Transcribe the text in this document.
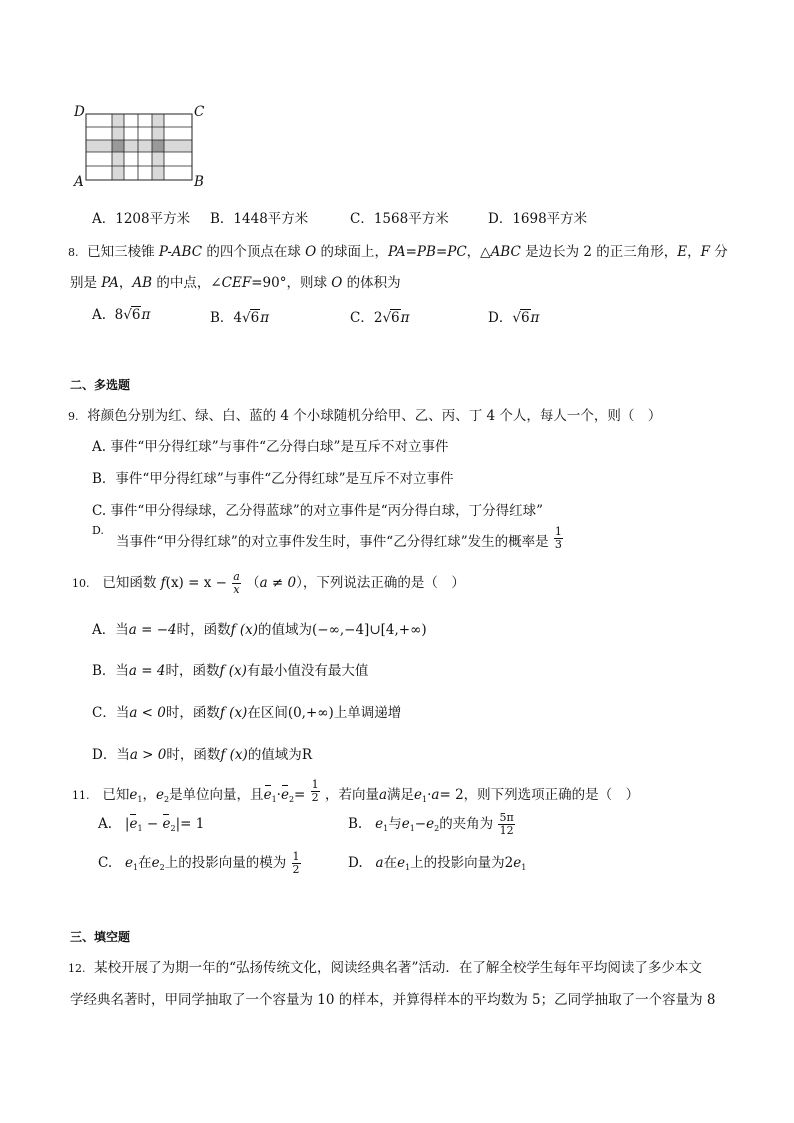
D	C
A	B
A．1208平方米 B．1448平方米	C．1568平方米	D．1698平方米
8. 已知三棱锥 P-ABC 的四个顶点在球 O 的球面上，PA=PB=PC，△ABC 是边长为 2 的正三角形，E，F 分
别是 PA，AB 的中点，∠CEF=90°，则球 O 的体积为
A. 8√6π	B．4√6π	C．2√6π	D．√6π
二、多选题
9. 将颜色分别为红、绿、白、蓝的 4 个小球随机分给甲、乙、丙、丁 4 个人，每人一个，则（　）
A. 事件“甲分得红球”与事件“乙分得白球”是互斥不对立事件
B．事件“甲分得红球”与事件“乙分得红球”是互斥不对立事件
C. 事件“甲分得绿球，乙分得蓝球”的对立事件是“丙分得白球，丁分得红球”
D.
当事件“甲分得红球”的对立事件发生时，事件“乙分得红球”发生的概率是 $\frac{1}{3}$
10. 已知函数 $f(x) = x - \frac{a}{x} (a \ne 0)$，下列说法正确的是（　）
A．当a = −4时，函数f (x)的值域为(−∞,−4]∪[4,+∞)
B．当a = 4时，函数f (x)有最小值没有最大值
C．当a < 0时，函数f (x)在区间(0,+∞)上单调递增
D．当a > 0时，函数f (x)的值域为R
11. 已知$e_1$，$e_2$是单位向量，且$e_1\cdot e_2= \frac{1}{2}$ ，若向量a满足$e_1\cdot a= 2$，则下列选项正确的是（　）
A.   $|e_1 - e_2|= 1$	B. $e_1$与$e_1-e_2$的夹角为 $\frac{5\pi}{12}$
C. $e_1$在$e_2$上的投影向量的模为 $\frac{1}{2}$	D. a在$e_1$上的投影向量为$2e_1$
三、填空题
12. 某校开展了为期一年的“弘扬传统文化，阅读经典名著”活动．在了解全校学生每年平均阅读了多少本文
学经典名著时，甲同学抽取了一个容量为 10 的样本，并算得样本的平均数为 5；乙同学抽取了一个容量为 8
